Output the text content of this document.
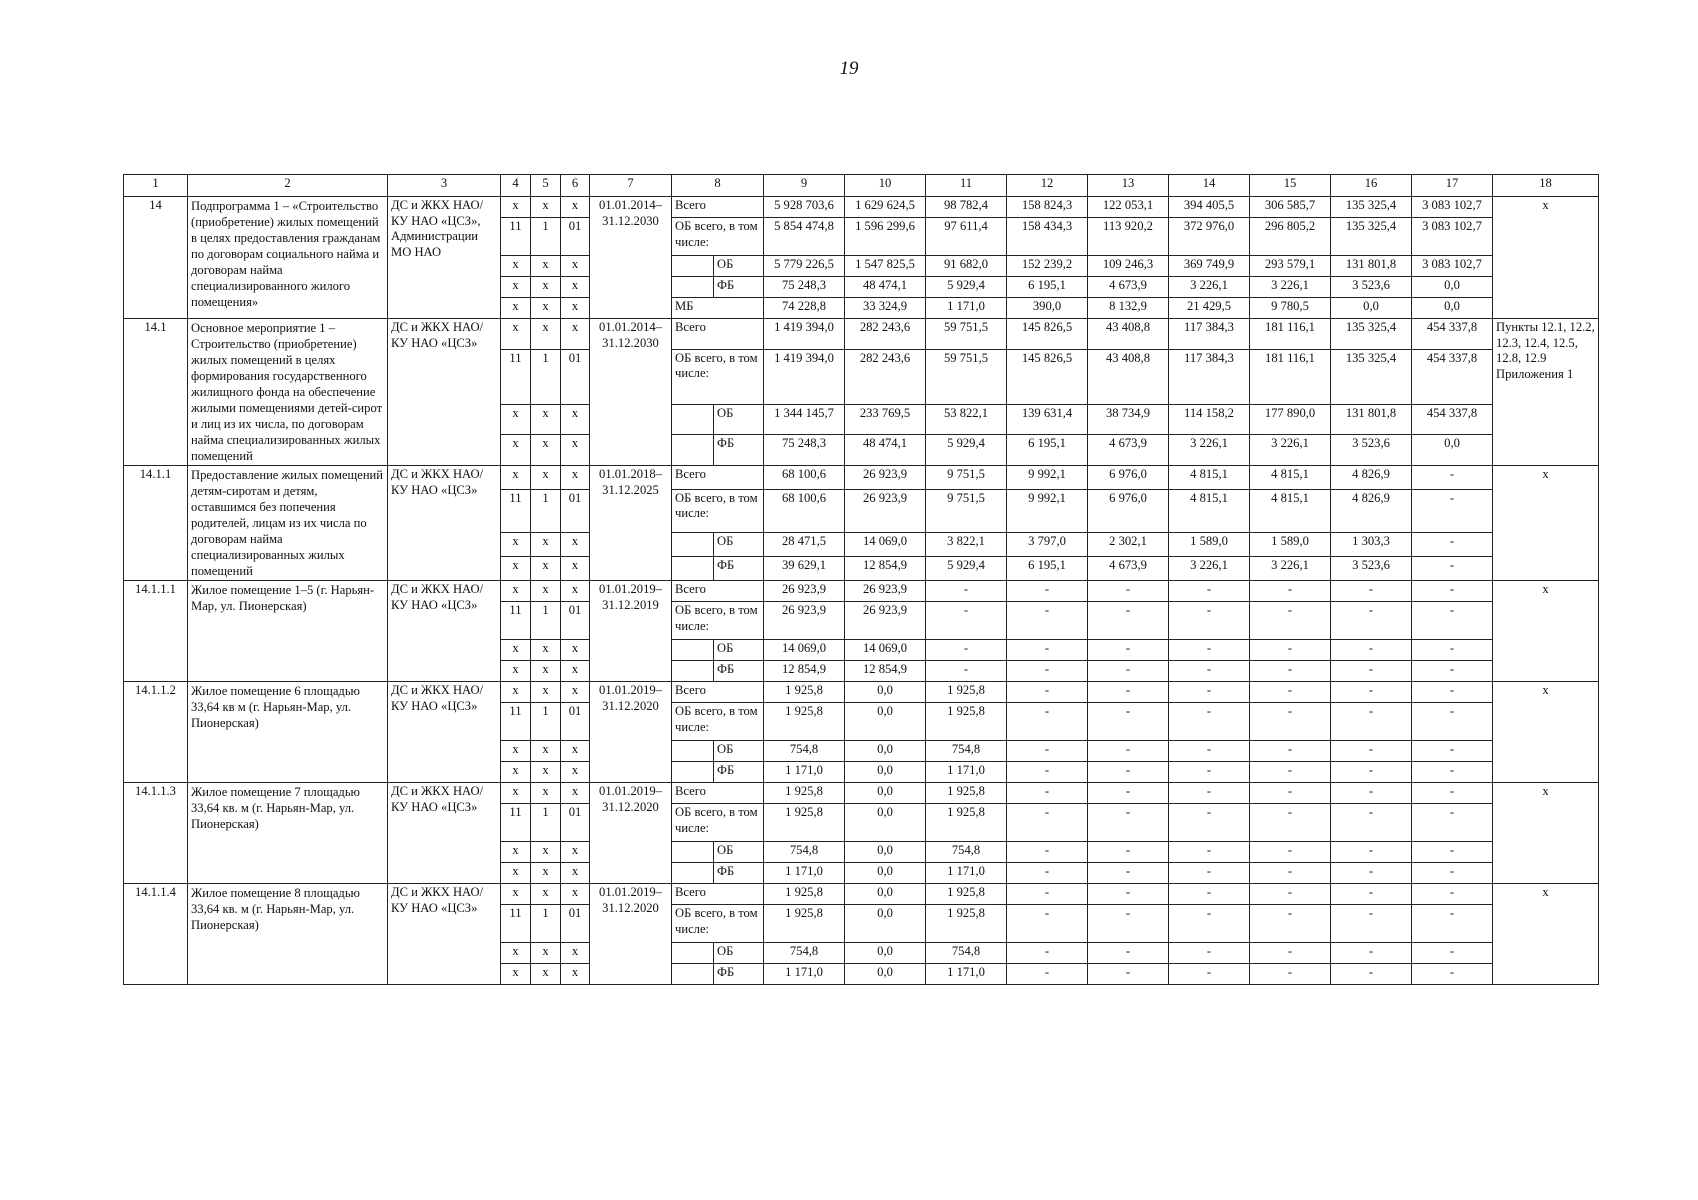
19
1	2	3	4	5	6	7	8		9	10	11	12	13	14	15	16	17	18
14	Подпрограмма 1 – «Строительство (приобретение) жилых помещений в целях предоставления гражданам по договорам социального найма и договорам найма специализированного жилого помещения»	ДС и ЖКХ НАО/ КУ НАО «ЦСЗ», Администрации МО НАО	х	х	х	01.01.2014– 31.12.2030	Всего		5 928 703,6	1 629 624,5	98 782,4	158 824,3	122 053,1	394 405,5	306 585,7	135 325,4	3 083 102,7	х
			11	1	01		ОБ всего, в том числе:		5 854 474,8	1 596 299,6	97 611,4	158 434,3	113 920,2	372 976,0	296 805,2	135 325,4	3 083 102,7	
			х	х	х			ОБ	5 779 226,5	1 547 825,5	91 682,0	152 239,2	109 246,3	369 749,9	293 579,1	131 801,8	3 083 102,7	
			х	х	х			ФБ	75 248,3	48 474,1	5 929,4	6 195,1	4 673,9	3 226,1	3 226,1	3 523,6	0,0	
			х	х	х		МБ		74 228,8	33 324,9	1 171,0	390,0	8 132,9	21 429,5	9 780,5	0,0	0,0	
14.1	Основное мероприятие 1 – Строительство (приобретение) жилых помещений в целях формирования государственного жилищного фонда на обеспечение жилыми помещениями детей-сирот и лиц из их числа, по договорам найма специализированных жилых помещений	ДС и ЖКХ НАО/ КУ НАО «ЦСЗ»	х	х	х	01.01.2014– 31.12.2030	Всего		1 419 394,0	282 243,6	59 751,5	145 826,5	43 408,8	117 384,3	181 116,1	135 325,4	454 337,8	Пункты 12.1, 12.2, 12.3, 12.4, 12.5, 12.8, 12.9 Приложения 1
			11	1	01		ОБ всего, в том числе:		1 419 394,0	282 243,6	59 751,5	145 826,5	43 408,8	117 384,3	181 116,1	135 325,4	454 337,8	
			х	х	х			ОБ	1 344 145,7	233 769,5	53 822,1	139 631,4	38 734,9	114 158,2	177 890,0	131 801,8	454 337,8	
			х	х	х			ФБ	75 248,3	48 474,1	5 929,4	6 195,1	4 673,9	3 226,1	3 226,1	3 523,6	0,0	
14.1.1	Предоставление жилых помещений детям-сиротам и детям, оставшимся без попечения родителей, лицам из их числа по договорам найма специализированных жилых помещений	ДС и ЖКХ НАО/ КУ НАО «ЦСЗ»	х	х	х	01.01.2018– 31.12.2025	Всего		68 100,6	26 923,9	9 751,5	9 992,1	6 976,0	4 815,1	4 815,1	4 826,9	-	х
			11	1	01		ОБ всего, в том числе:		68 100,6	26 923,9	9 751,5	9 992,1	6 976,0	4 815,1	4 815,1	4 826,9	-	
			х	х	х			ОБ	28 471,5	14 069,0	3 822,1	3 797,0	2 302,1	1 589,0	1 589,0	1 303,3	-	
			х	х	х			ФБ	39 629,1	12 854,9	5 929,4	6 195,1	4 673,9	3 226,1	3 226,1	3 523,6	-	
14.1.1.1	Жилое помещение 1–5 (г. Нарьян-Мар, ул. Пионерская)	ДС и ЖКХ НАО/ КУ НАО «ЦСЗ»	х	х	х	01.01.2019– 31.12.2019	Всего		26 923,9	26 923,9	-	-	-	-	-	-	-	х
			11	1	01		ОБ всего, в том числе:		26 923,9	26 923,9	-	-	-	-	-	-	-	
			х	х	х			ОБ	14 069,0	14 069,0	-	-	-	-	-	-	-	
			х	х	х			ФБ	12 854,9	12 854,9	-	-	-	-	-	-	-	
14.1.1.2	Жилое помещение 6 площадью 33,64 кв м (г. Нарьян-Мар, ул. Пионерская)	ДС и ЖКХ НАО/ КУ НАО «ЦСЗ»	х	х	х	01.01.2019– 31.12.2020	Всего		1 925,8	0,0	1 925,8	-	-	-	-	-	-	х
			11	1	01		ОБ всего, в том числе:		1 925,8	0,0	1 925,8	-	-	-	-	-	-	
			х	х	х			ОБ	754,8	0,0	754,8	-	-	-	-	-	-	
			х	х	х			ФБ	1 171,0	0,0	1 171,0	-	-	-	-	-	-	
14.1.1.3	Жилое помещение 7 площадью 33,64 кв. м (г. Нарьян-Мар, ул. Пионерская)	ДС и ЖКХ НАО/ КУ НАО «ЦСЗ»	х	х	х	01.01.2019– 31.12.2020	Всего		1 925,8	0,0	1 925,8	-	-	-	-	-	-	х
			11	1	01		ОБ всего, в том числе:		1 925,8	0,0	1 925,8	-	-	-	-	-	-	
			х	х	х			ОБ	754,8	0,0	754,8	-	-	-	-	-	-	
			х	х	х			ФБ	1 171,0	0,0	1 171,0	-	-	-	-	-	-	
14.1.1.4	Жилое помещение 8 площадью 33,64 кв. м (г. Нарьян-Мар, ул. Пионерская)	ДС и ЖКХ НАО/ КУ НАО «ЦСЗ»	х	х	х	01.01.2019– 31.12.2020	Всего		1 925,8	0,0	1 925,8	-	-	-	-	-	-	х
			11	1	01		ОБ всего, в том числе:		1 925,8	0,0	1 925,8	-	-	-	-	-	-	
			х	х	х			ОБ	754,8	0,0	754,8	-	-	-	-	-	-	
			х	х	х			ФБ	1 171,0	0,0	1 171,0	-	-	-	-	-	-	
